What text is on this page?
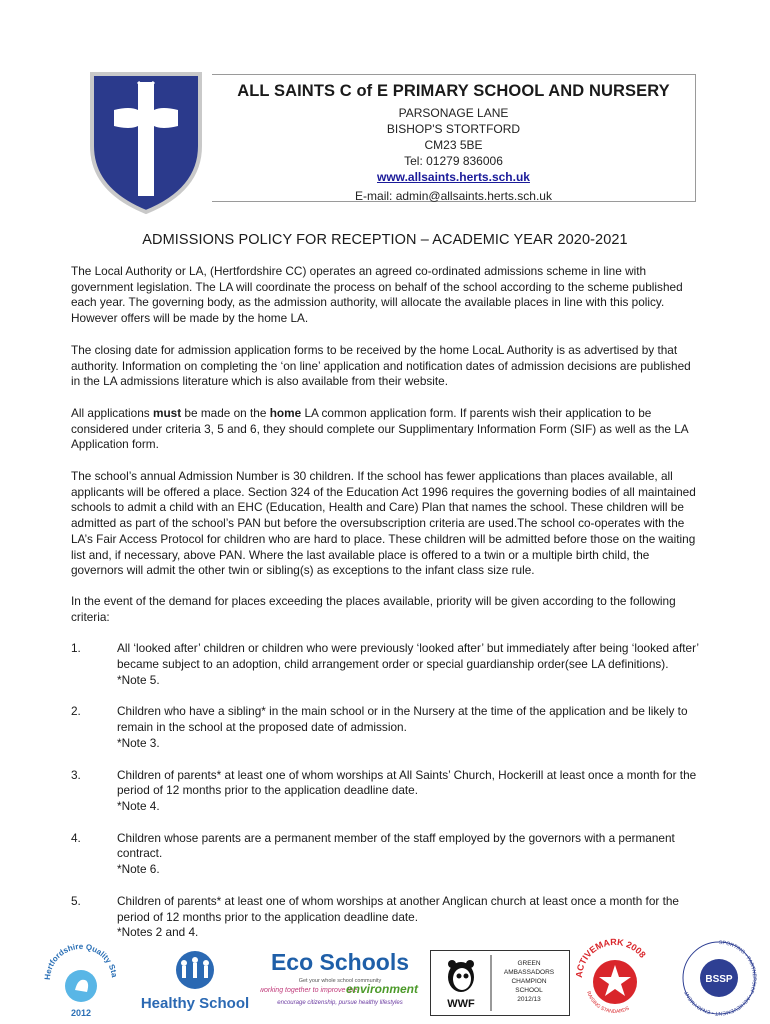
ALL SAINTS C of E PRIMARY SCHOOL AND NURSERY
PARSONAGE LANE
BISHOP'S STORTFORD
CM23 5BE
Tel: 01279 836006
www.allsaints.herts.sch.uk
E-mail: admin@allsaints.herts.sch.uk
ADMISSIONS POLICY FOR RECEPTION – ACADEMIC YEAR 2020-2021

The Local Authority or LA, (Hertfordshire CC) operates an agreed co-ordinated admissions scheme in line with government legislation. The LA will coordinate the process on behalf of the school according to the scheme published each year. The governing body, as the admission authority, will allocate the available places in line with this policy. However offers will be made by the home LA.

The closing date for admission application forms to be received by the home LocaL Authority is as advertised by that authority. Information on completing the ‘on line’ application and notification dates of admission decisions are published in the LA admissions literature which is also available from their website.

All applications must be made on the home LA common application form. If parents wish their application to be considered under criteria 3, 5 and 6, they should complete our Supplimentary Information Form (SIF) as well as the LA Application form.

The school’s annual Admission Number is 30 children. If the school has fewer applications than places available, all applicants will be offered a place. Section 324 of the Education Act 1996 requires the governing bodies of all maintained schools to admit a child with an EHC (Education, Health and Care) Plan that names the school. These children will be admitted as part of the school’s PAN but before the oversubscription criteria are used.The school co-operates with the LA’s Fair Access Protocol for children who are hard to place. These children will be admitted before those on the waiting list and, if necessary, above PAN. Where the last available place is offered to a twin or a multiple birth child, the governors will admit the other twin or sibling(s) as exceptions to the infant class size rule.

In the event of the demand for places exceeding the places available, priority will be given according to the following criteria:

1.	All ‘looked after’ children or children who were previously ‘looked after’ but immediately after being ‘looked after’ became subject to an adoption, child arrangement order or special guardianship order(see LA definitions).
*Note 5.
2.	Children who have a sibling* in the main school or in the Nursery at the time of the application and be likely to remain in the school at the proposed date of admission.
*Note 3.
3.	Children of parents* at least one of whom worships at All Saints’ Church, Hockerill at least once a month for the period of 12 months prior to the application deadline date.
*Note 4.
4.	Children whose parents are a permanent member of the staff employed by the governors with a permanent contract.
*Note 6.
5.	Children of parents* at least one of whom worships at another Anglican church at least once a month for the period of 12 months prior to the application deadline date.
*Notes 2 and 4.
Hertfordshire Quality Sta
2012
Healthy School
Eco Schools
Get your whole school community
working together to improve the
environment
encourage citizenship, pursue healthy lifestyles	WWF
GREEN
AMBASSADORS
CHAMPION
SCHOOL
2012/13
ACTIVEMARK 2008
RAISING STANDARDS
SPORTING • PARTNERSHIP • ACHIEVEMENT • ENJOYMENT
BSSP
